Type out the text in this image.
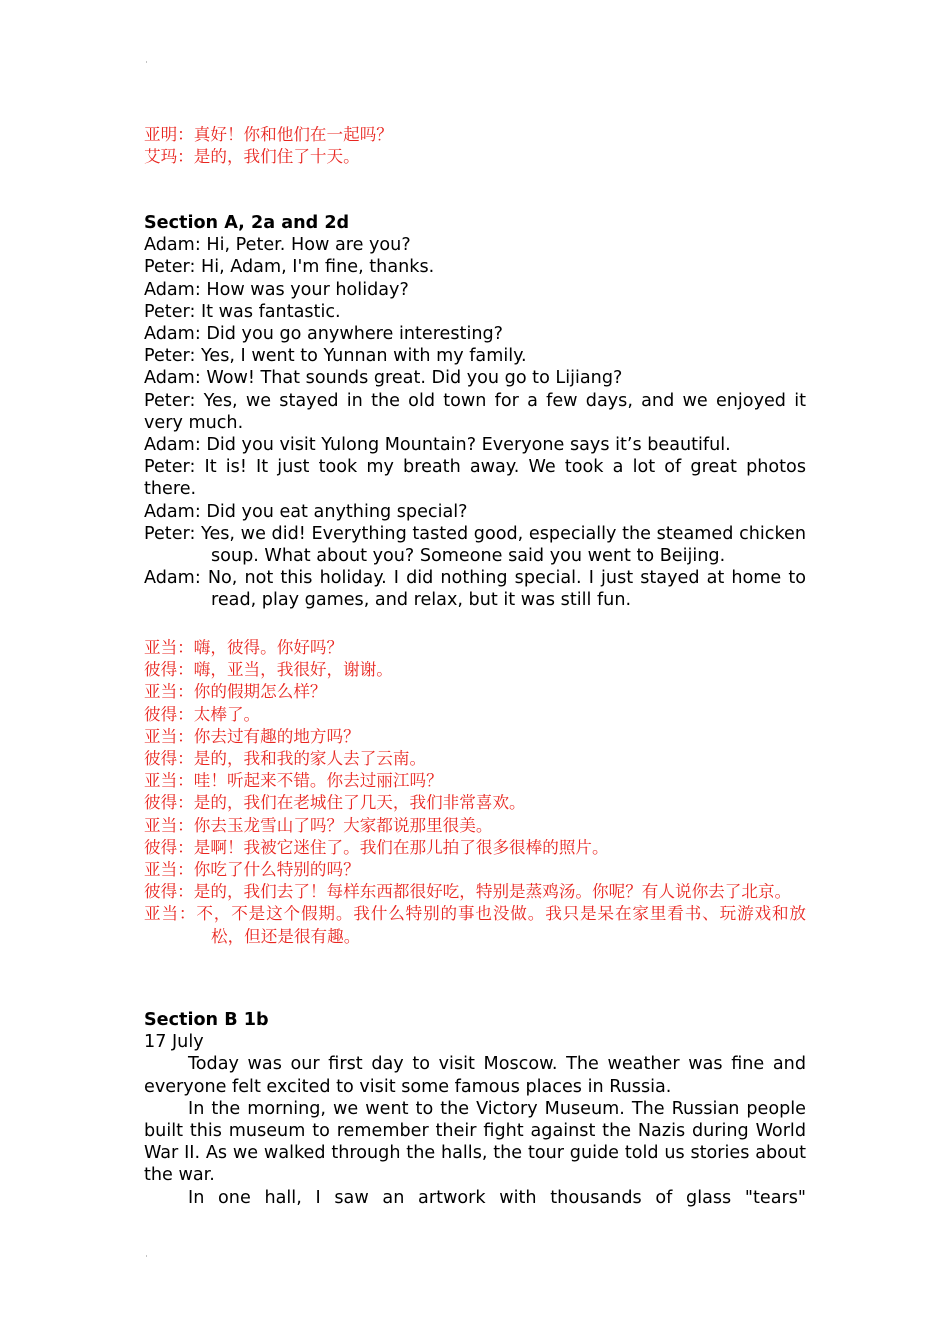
˙

亚明：真好！你和他们在一起吗？

艾玛：是的，我们住了十天。

Section A, 2a and 2d

Adam: Hi, Peter. How are you?

Peter: Hi, Adam, I'm fine, thanks.

Adam: How was your holiday?

Peter: It was fantastic.

Adam: Did you go anywhere interesting?

Peter: Yes, I went to Yunnan with my family.

Adam: Wow! That sounds great. Did you go to Lijiang?

Peter: Yes, we stayed in the old town for a few days, and we enjoyed it very much.

Adam: Did you visit Yulong Mountain? Everyone says it’s beautiful.

Peter: It is! It just took my breath away. We took a lot of great photos there.

Adam: Did you eat anything special?

Peter: Yes, we did! Everything tasted good, especially the steamed chicken soup. What about you? Someone said you went to Beijing.

Adam: No, not this holiday. I did nothing special. I just stayed at home to read, play games, and relax, but it was still fun.

亚当：嗨，彼得。你好吗？

彼得：嗨，亚当，我很好，谢谢。

亚当：你的假期怎么样？

彼得：太棒了。

亚当：你去过有趣的地方吗？

彼得：是的，我和我的家人去了云南。

亚当：哇！听起来不错。你去过丽江吗？

彼得：是的，我们在老城住了几天，我们非常喜欢。

亚当：你去玉龙雪山了吗？大家都说那里很美。

彼得：是啊！我被它迷住了。我们在那儿拍了很多很棒的照片。

亚当：你吃了什么特别的吗？

彼得：是的，我们去了！每样东西都很好吃，特别是蒸鸡汤。你呢？有人说你去了北京。

亚当：不，不是这个假期。我什么特别的事也没做。我只是呆在家里看书、玩游戏和放松，但还是很有趣。

Section B 1b

17 July

Today was our first day to visit Moscow. The weather was fine and everyone felt excited to visit some famous places in Russia.

In the morning, we went to the Victory Museum. The Russian people built this museum to remember their fight against the Nazis during World War II. As we walked through the halls, the tour guide told us stories about the war.

In one hall, I saw an artwork with thousands of glass "tears"

˙
